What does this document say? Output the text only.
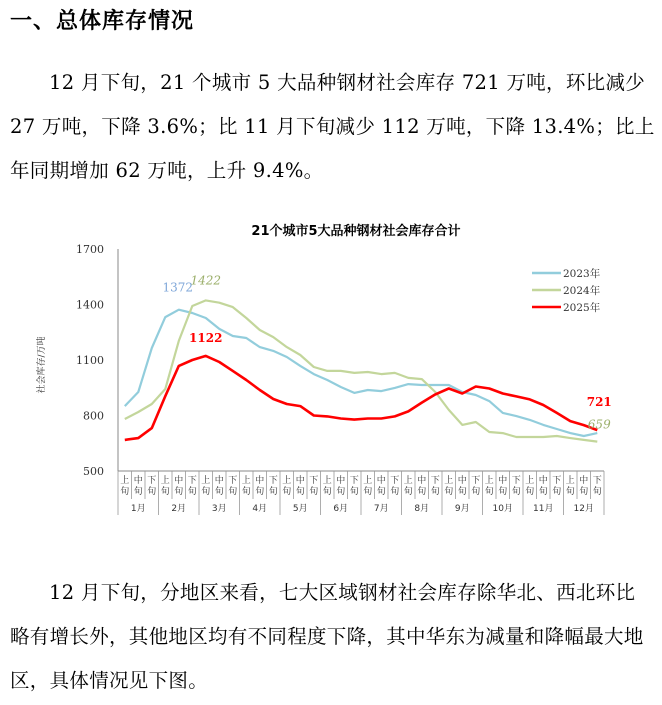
一、总体库存情况
12 月下旬，21 个城市 5 大品种钢材社会库存 721 万吨，环比减少 27 万吨，下降 3.6%；比 11 月下旬减少 112 万吨，下降 13.4%；比上年同期增加 62 万吨，上升 9.4%。
21个城市5大品种钢材社会库存合计
500
800
1100
1400
1700
社会库存/万吨
上
旬
中
旬
下
旬
上
旬
中
旬
下
旬
上
旬
中
旬
下
旬
上
旬
中
旬
下
旬
上
旬
中
旬
下
旬
上
旬
中
旬
下
旬
上
旬
中
旬
下
旬
上
旬
中
旬
下
旬
上
旬
中
旬
下
旬
上
旬
中
旬
下
旬
上
旬
中
旬
下
旬
上
旬
中
旬
下
旬
1月	2月	3月	4月	5月	6月	7月	8月	9月	10月 11月 12月
1372
1422
1122
721
659
2023年
2024年
2025年
12 月下旬，分地区来看，七大区域钢材社会库存除华北、西北环比略有增长外，其他地区均有不同程度下降，其中华东为减量和降幅最大地区，具体情况见下图。
